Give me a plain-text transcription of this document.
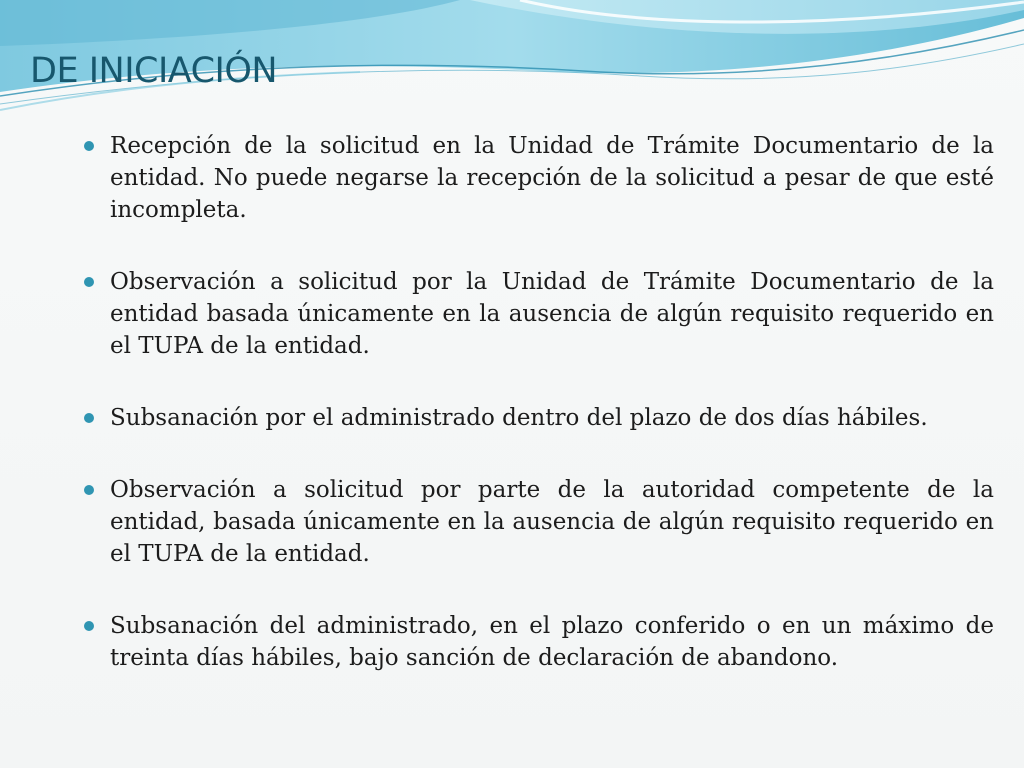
DE INICIACIÓN
Recepción de la solicitud en la Unidad de Trámite Documentario de la entidad. No puede negarse la recepción de la solicitud a pesar de que esté incompleta.
Observación a solicitud por la Unidad de Trámite Documentario de la entidad basada únicamente en la ausencia de algún requisito requerido en el TUPA de la entidad.
Subsanación por el administrado dentro del plazo de dos días hábiles.
Observación a solicitud por parte de la autoridad competente de la entidad, basada únicamente en la ausencia de algún requisito requerido en el TUPA de la entidad.
Subsanación del administrado, en el plazo conferido o en un máximo de treinta días hábiles, bajo sanción de declaración de abandono.
